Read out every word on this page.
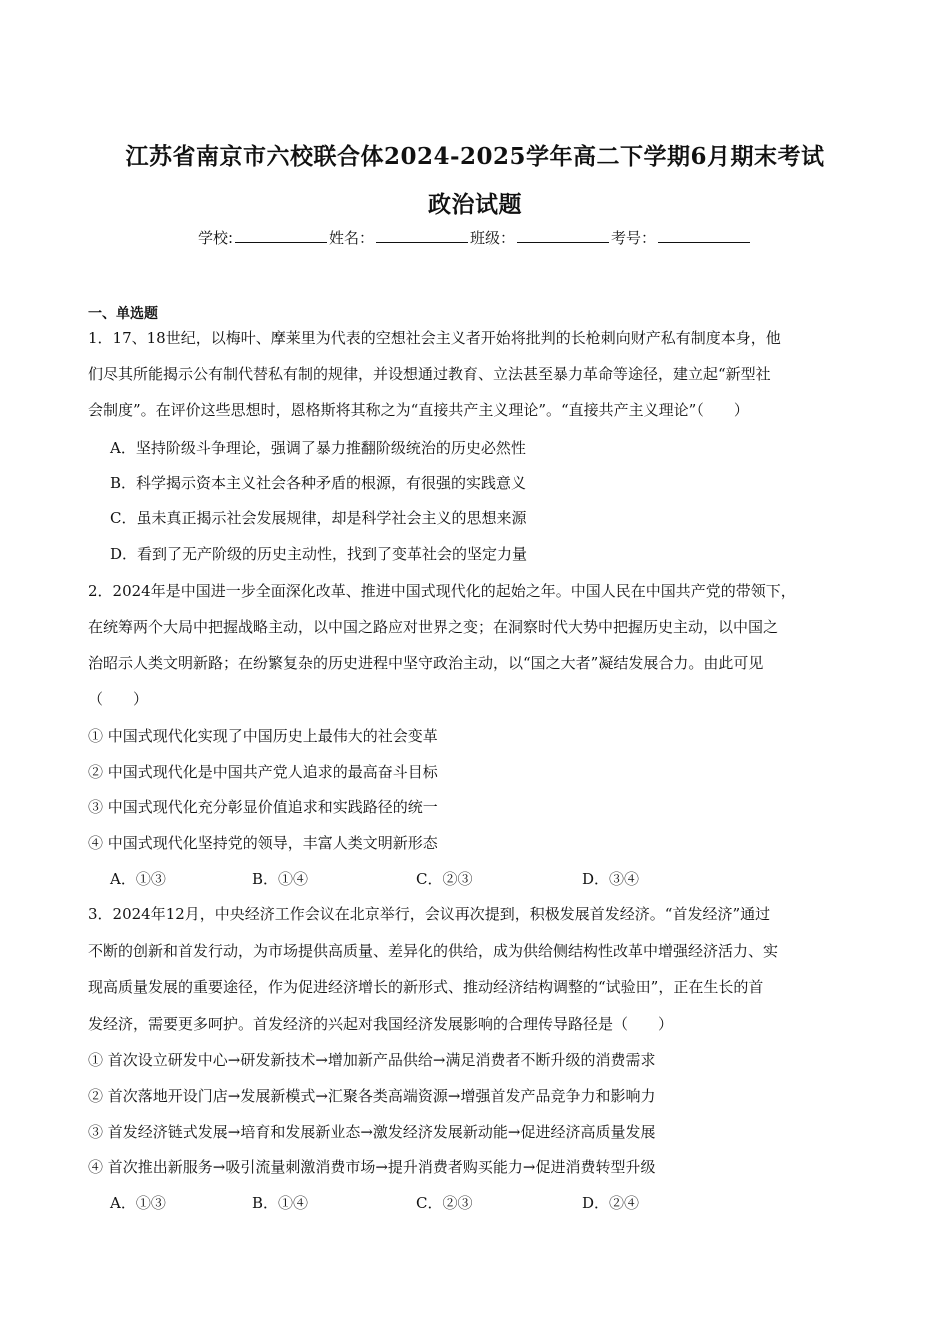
江苏省南京市六校联合体2024-2025学年高二下学期6月期末考试
政治试题
学校:	姓名：	班级：	考号：
一、单选题
1．17、18世纪，以梅叶、摩莱里为代表的空想社会主义者开始将批判的长枪刺向财产私有制度本身，他
们尽其所能揭示公有制代替私有制的规律，并设想通过教育、立法甚至暴力革命等途径，建立起“新型社
会制度”。在评价这些思想时，恩格斯将其称之为“直接共产主义理论”。“直接共产主义理论”（　　）
A．坚持阶级斗争理论，强调了暴力推翻阶级统治的历史必然性
B．科学揭示资本主义社会各种矛盾的根源，有很强的实践意义
C．虽未真正揭示社会发展规律，却是科学社会主义的思想来源
D．看到了无产阶级的历史主动性，找到了变革社会的坚定力量
2．2024年是中国进一步全面深化改革、推进中国式现代化的起始之年。中国人民在中国共产党的带领下，
在统筹两个大局中把握战略主动，以中国之路应对世界之变；在洞察时代大势中把握历史主动，以中国之
治昭示人类文明新路；在纷繁复杂的历史进程中坚守政治主动，以“国之大者”凝结发展合力。由此可见
（　　）
① 中国式现代化实现了中国历史上最伟大的社会变革
② 中国式现代化是中国共产党人追求的最高奋斗目标
③ 中国式现代化充分彰显价值追求和实践路径的统一
④ 中国式现代化坚持党的领导，丰富人类文明新形态
A．①③	B．①④	C．②③	D．③④
3．2024年12月，中央经济工作会议在北京举行，会议再次提到，积极发展首发经济。“首发经济”通过
不断的创新和首发行动，为市场提供高质量、差异化的供给，成为供给侧结构性改革中增强经济活力、实
现高质量发展的重要途径，作为促进经济增长的新形式、推动经济结构调整的“试验田”，正在生长的首
发经济，需要更多呵护。首发经济的兴起对我国经济发展影响的合理传导路径是（　　）
① 首次设立研发中心→研发新技术→增加新产品供给→满足消费者不断升级的消费需求
② 首次落地开设门店→发展新模式→汇聚各类高端资源→增强首发产品竞争力和影响力
③ 首发经济链式发展→培育和发展新业态→激发经济发展新动能→促进经济高质量发展
④ 首次推出新服务→吸引流量刺激消费市场→提升消费者购买能力→促进消费转型升级
A．①③	B．①④	C．②③	D．②④
